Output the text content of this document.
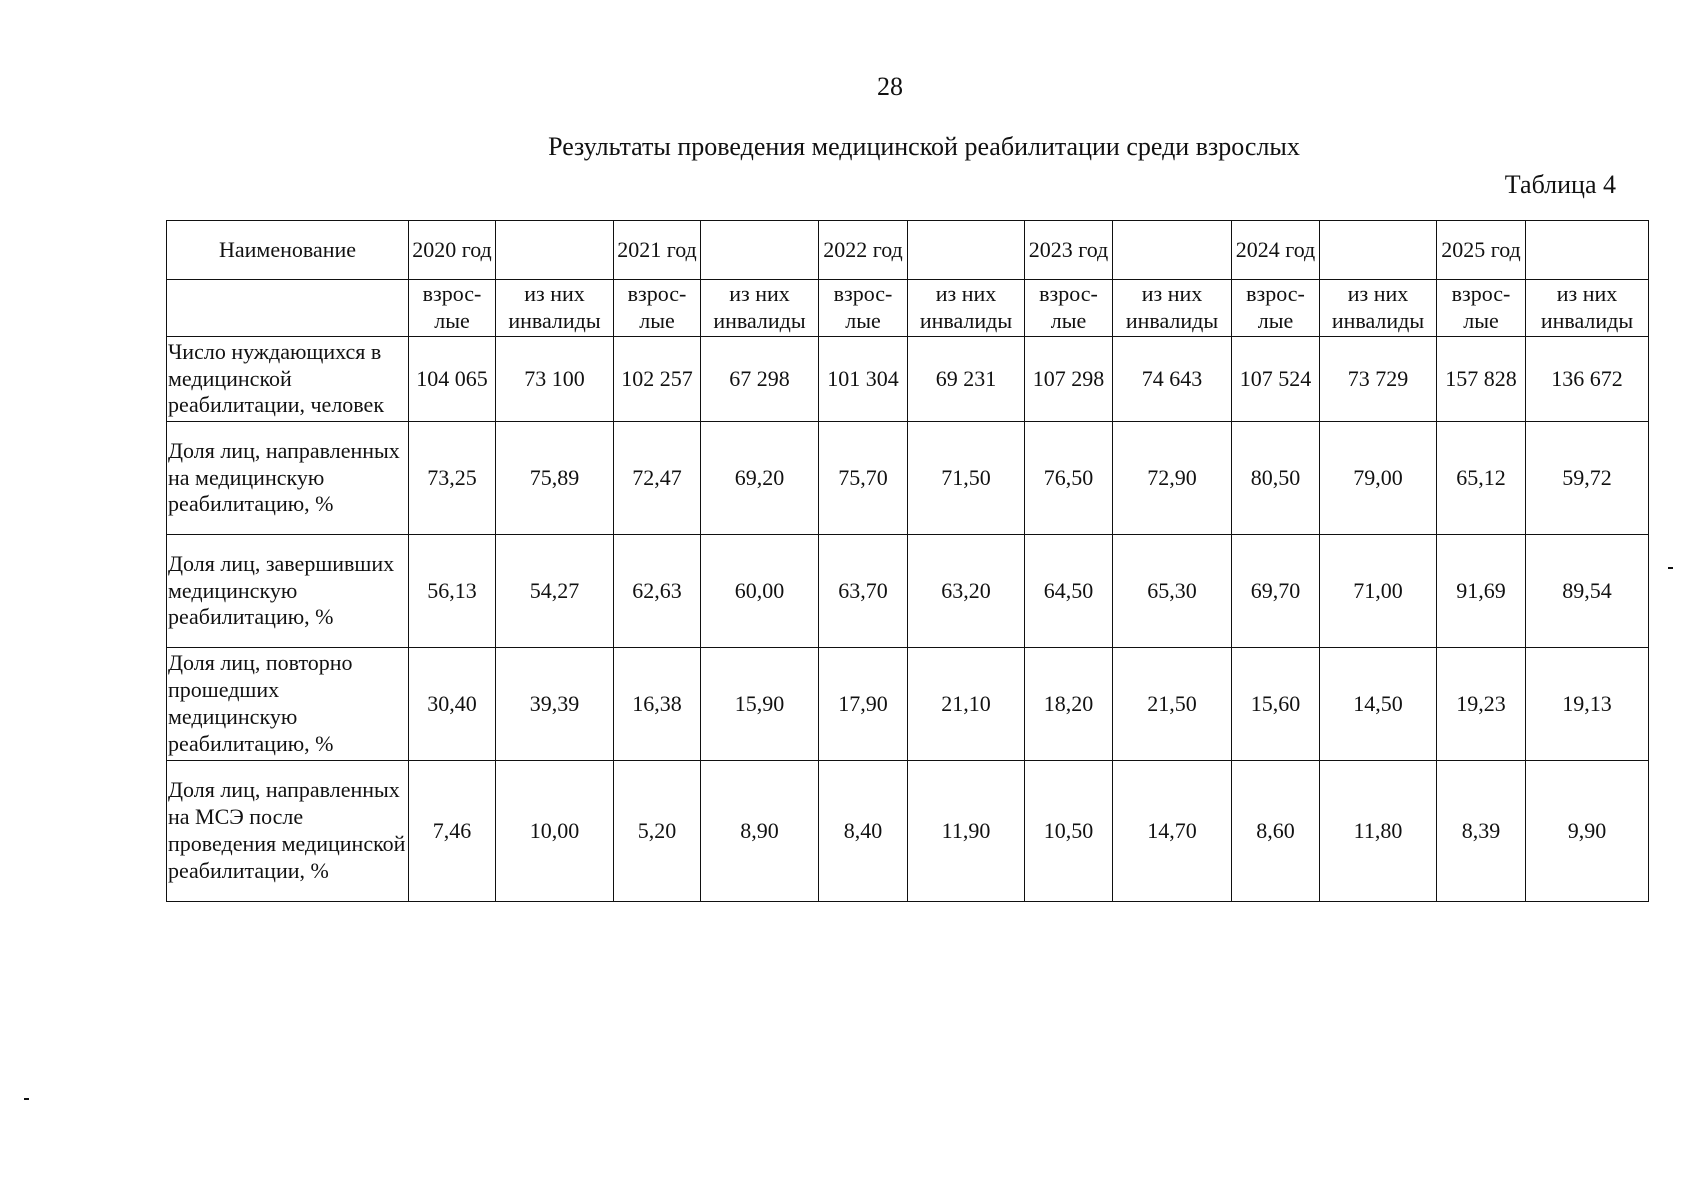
28
Результаты проведения медицинской реабилитации среди взрослых
Таблица 4
Наименование	2020 год		2021 год		2022 год		2023 год		2024 год		2025 год	
	взрос-лые	из них инвалиды	взрос-лые	из них инвалиды	взрос-лые	из них инвалиды	взрос-лые	из них инвалиды	взрос-лые	из них инвалиды	взрос-лые	из них инвалиды
Число нуждающихся в медицинской реабилитации, человек	104 065	73 100	102 257	67 298	101 304	69 231	107 298	74 643	107 524	73 729	157 828	136 672
Доля лиц, направленных на медицинскую реабилитацию, %	73,25	75,89	72,47	69,20	75,70	71,50	76,50	72,90	80,50	79,00	65,12	59,72
Доля лиц, завершивших медицинскую реабилитацию, %	56,13	54,27	62,63	60,00	63,70	63,20	64,50	65,30	69,70	71,00	91,69	89,54
Доля лиц, повторно прошедших медицинскую реабилитацию, %	30,40	39,39	16,38	15,90	17,90	21,10	18,20	21,50	15,60	14,50	19,23	19,13
Доля лиц, направленных на МСЭ после проведения медицинской реабилитации, %	7,46	10,00	5,20	8,90	8,40	11,90	10,50	14,70	8,60	11,80	8,39	9,90
